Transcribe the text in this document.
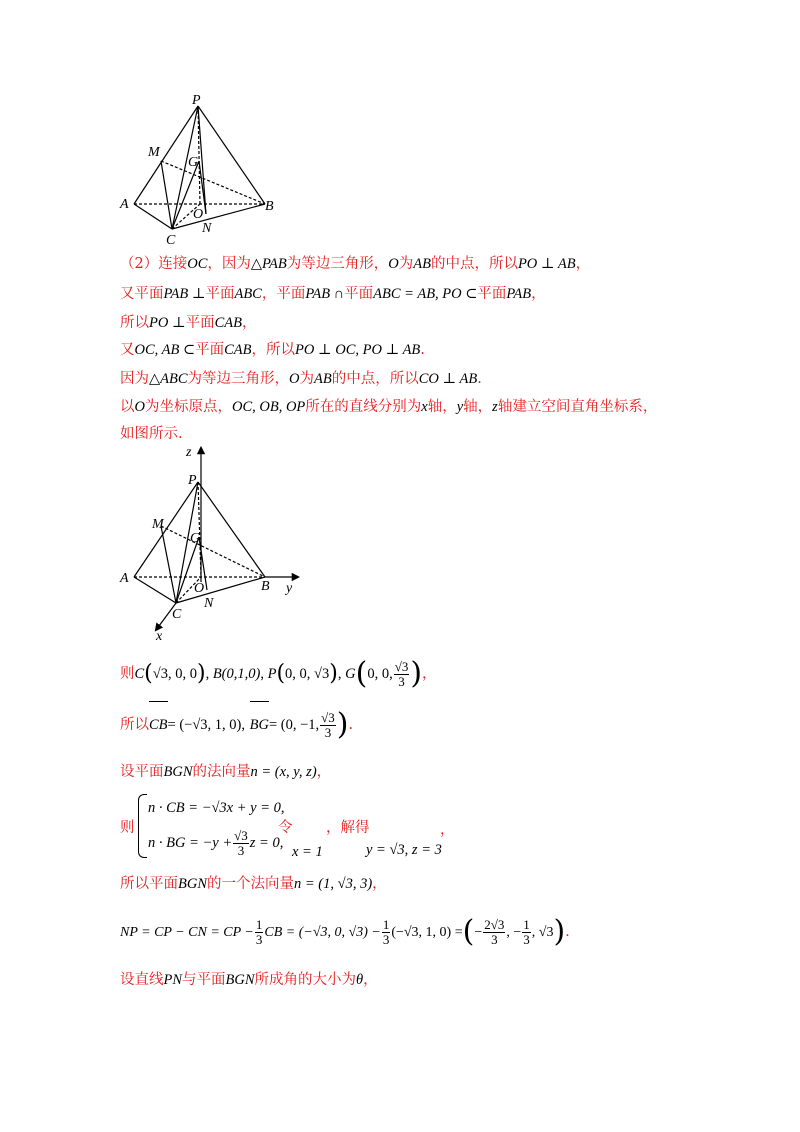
P
M
G
A
O
B
C
N
（2）连接OC，因为△PAB为等边三角形，O为AB的中点，所以PO ⊥ AB，
又平面PAB ⊥平面ABC，平面PAB ∩平面ABC = AB, PO ⊂平面PAB，
所以PO ⊥平面CAB，
又OC, AB ⊂平面CAB，所以PO ⊥ OC, PO ⊥ AB.
因为△ABC为等边三角形，O为AB的中点，所以CO ⊥ AB.
以O为坐标原点，OC, OB, OP所在的直线分别为x轴，y轴，z轴建立空间直角坐标系，
如图所示.
z
P
M
G
A
O	B y
C
N
x
则C(√3, 0, 0), B(0,1,0), P(0, 0, √3), G(0, 0, $\frac{√3}{3}$ )，
所以CB= (−√3, 1, 0), BG= (0, −1, $\frac{√3}{3}$ ).
设平面BGN的法向量n = (x, y, z)，
则
n · CB = −√3x + y = 0,
n · BG = $-y + \frac{√3}{3}$ z = 0,
令
x = 1
，解得
y = √3, z = 3
，
所以平面BGN的一个法向量n = (1, √3, 3)，
NP = CP − CN = CP − $\frac{1}{3}$ CB = (−√3, 0, $√3) - \frac{1}{3} (-√3$, 1, 0) =(− $\frac{2√3}{3}$ , − $\frac{1}{3}$ , √3).
设直线PN与平面BGN所成角的大小为θ，
